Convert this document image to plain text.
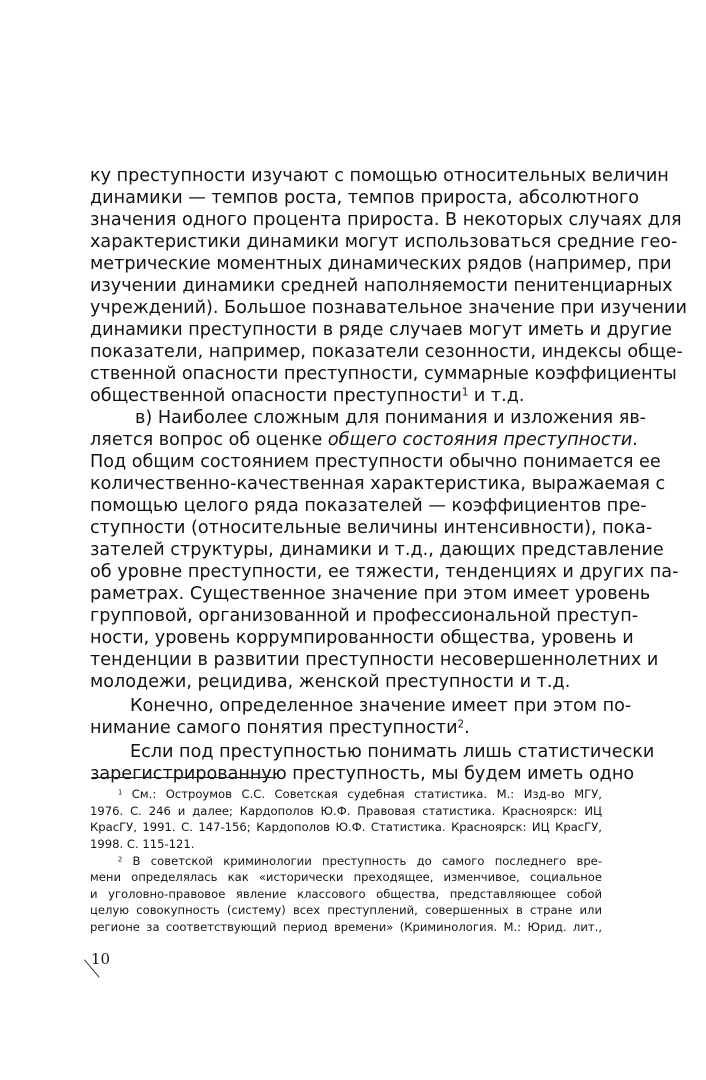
ку преступности изучают с помощью относительных величин
динамики — темпов роста, темпов прироста, абсолютного
значения одного процента прироста. В некоторых случаях для
характеристики динамики могут использоваться средние гео-
метрические моментных динамических рядов (например, при
изучении динамики средней наполняемости пенитенциарных
учреждений). Большое познавательное значение при изучении
динамики преступности в ряде случаев могут иметь и другие
показатели, например, показатели сезонности, индексы обще-
ственной опасности преступности, суммарные коэффициенты
общественной опасности преступности$^1$ и т.д.
в) Наиболее сложным для понимания и изложения яв-
ляется вопрос об оценке общего состояния преступности.
Под общим состоянием преступности обычно понимается ее
количественно-качественная характеристика, выражаемая с
помощью целого ряда показателей — коэффициентов пре-
ступности (относительные величины интенсивности), пока-
зателей структуры, динамики и т.д., дающих представление
об уровне преступности, ее тяжести, тенденциях и других па-
раметрах. Существенное значение при этом имеет уровень
групповой, организованной и профессиональной преступ-
ности, уровень коррумпированности общества, уровень и
тенденции в развитии преступности несовершеннолетних и
молодежи, рецидива, женской преступности и т.д.
Конечно, определенное значение имеет при этом по-
нимание самого понятия преступности$^2$.
Если под преступностью понимать лишь статистически
зарегистрированную преступность, мы будем иметь одно
$^1$ См.: Остроумов С.С. Советская судебная статистика. М.: Изд-во МГУ,
1976. С. 246 и далее; Кардополов Ю.Ф. Правовая статистика. Красноярск: ИЦ
КрасГУ, 1991. С. 147-156; Кардополов Ю.Ф. Статистика. Красноярск: ИЦ КрасГУ,
1998. С. 115-121.
$^2$ В советской криминологии преступность до самого последнего вре-
мени определялась как «исторически преходящее, изменчивое, социальное
и уголовно-правовое явление классового общества, представляющее собой
целую совокупность (систему) всех преступлений, совершенных в стране или
регионе за соответствующий период времени» (Криминология. М.: Юрид. лит.,
10
